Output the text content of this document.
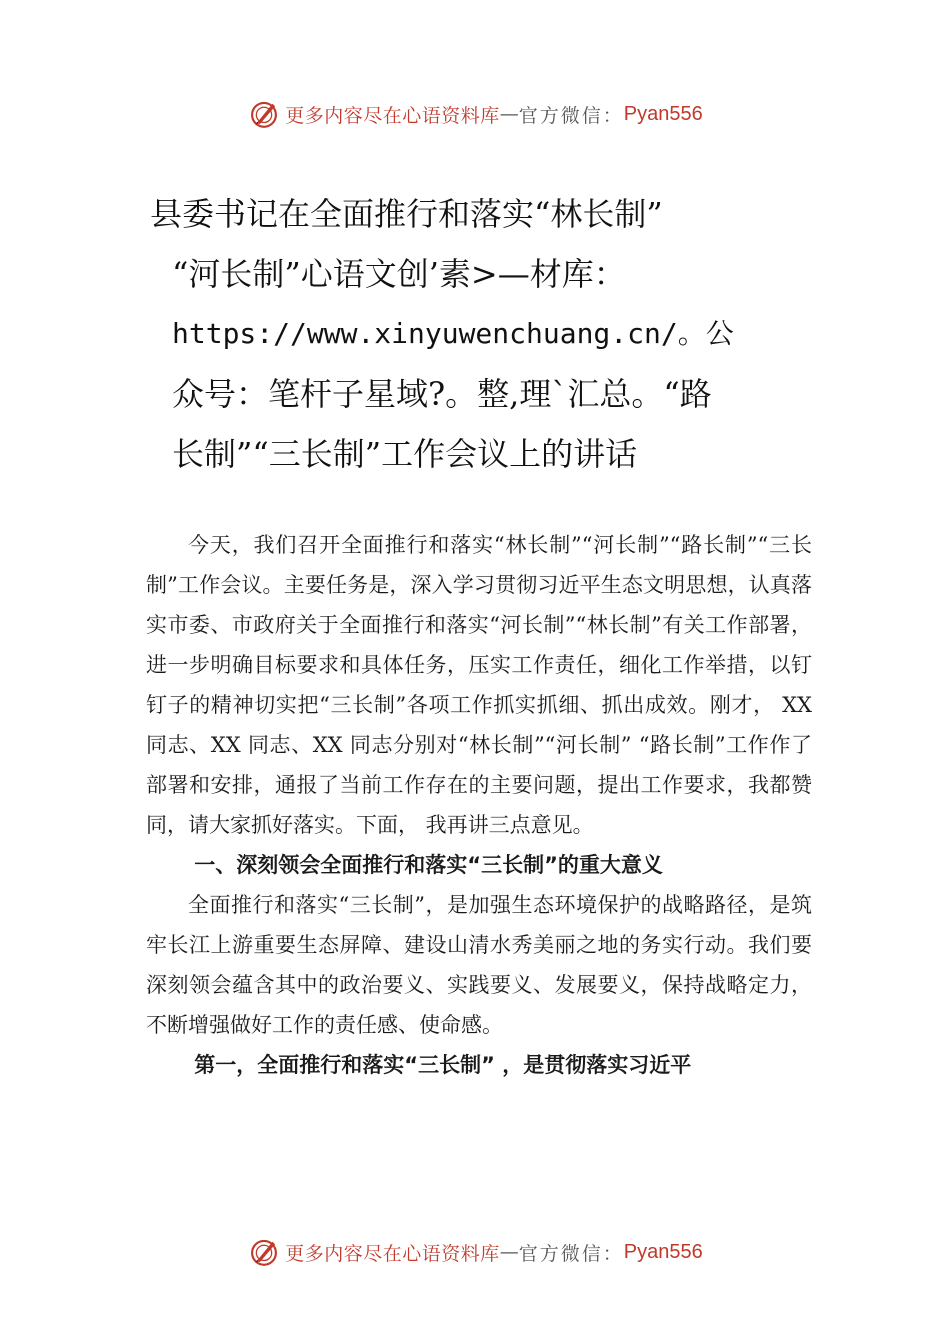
更多内容尽在心语资料库 — 官方微信： Pyan556
县委书记在全面推行和落实“林长制”
“河长制”心语文创’素>—材库：
https://www.xinyuwenchuang.cn/。公
众号：笔杆子星域?。整,理`汇总。“路
长制”“三长制”工作会议上的讲话

今天，我们召开全面推行和落实“林长制”“河长制”“路长制”“三长制”工作会议。主要任务是，深入学习贯彻习近平生态文明思想，认真落实市委、市政府关于全面推行和落实“河长制”“林长制”有关工作部署，进一步明确目标要求和具体任务，压实工作责任，细化工作举措，以钉钉子的精神切实把“三长制”各项工作抓实抓细、抓出成效。刚才， XX 同志、XX 同志、XX 同志分别对“林长制”“河长制” “路长制”工作作了部署和安排，通报了当前工作存在的主要问题，提出工作要求，我都赞同，请大家抓好落实。下面， 我再讲三点意见。

一、深刻领会全面推行和落实“三长制”的重大意义

全面推行和落实“三长制”，是加强生态环境保护的战略路径，是筑牢长江上游重要生态屏障、建设山清水秀美丽之地的务实行动。我们要深刻领会蕴含其中的政治要义、实践要义、发展要义，保持战略定力，不断增强做好工作的责任感、使命感。

第一，全面推行和落实“三长制” ，是贯彻落实习近平

更多内容尽在心语资料库 — 官方微信： Pyan556
